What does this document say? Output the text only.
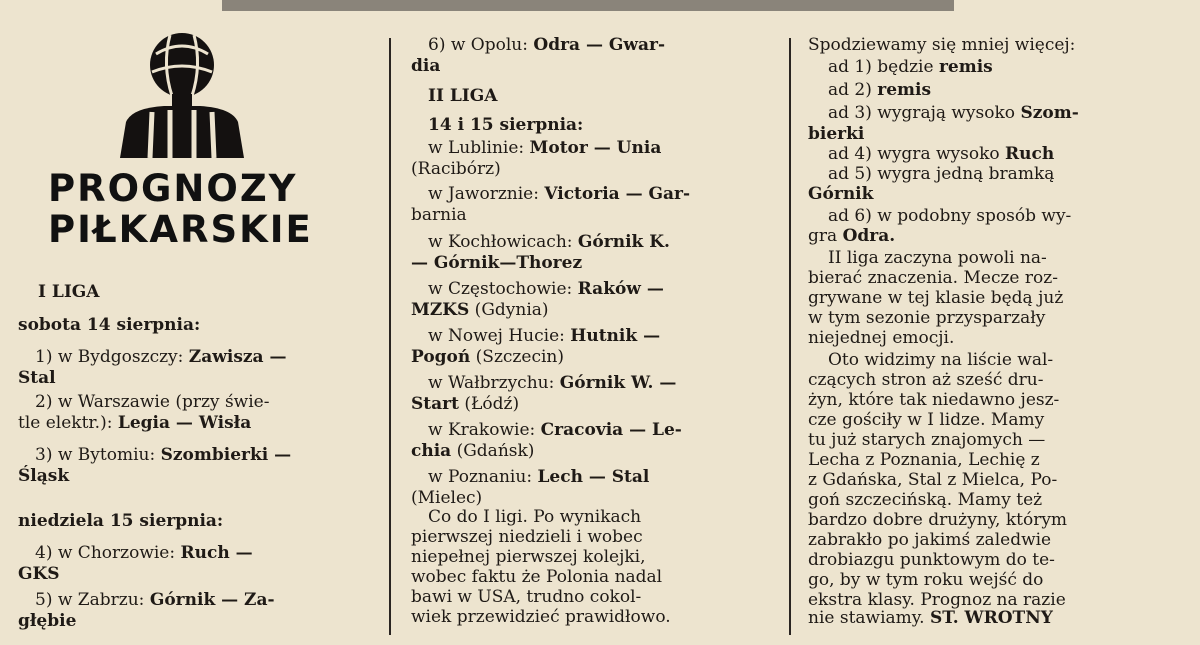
PROGNOZY
PIŁKARSKIE

I LIGA

sobota 14 sierpnia:

1) w Bydgoszczy: Zawisza —

Stal

2) w Warszawie (przy świe-

tle elektr.): Legia — Wisła

3) w Bytomiu: Szombierki —

Śląsk

niedziela 15 sierpnia:

4) w Chorzowie: Ruch —

GKS

5) w Zabrzu: Górnik — Za-

głębie

6) w Opolu: Odra — Gwar-

dia

II LIGA

14 i 15 sierpnia:

w Lublinie: Motor — Unia

(Racibórz)

w Jaworznie: Victoria — Gar-

barnia

w Kochłowicach: Górnik K.

— Górnik—Thorez

w Częstochowie: Raków —

MZKS (Gdynia)

w Nowej Hucie: Hutnik —

Pogoń (Szczecin)

w Wałbrzychu: Górnik W. —

Start (Łódź)

w Krakowie: Cracovia — Le-

chia (Gdańsk)

w Poznaniu: Lech — Stal

(Mielec)

Co do I ligi. Po wynikach

pierwszej niedzieli i wobec

niepełnej pierwszej kolejki,

wobec faktu że Polonia nadal

bawi w USA, trudno cokol-

wiek przewidzieć prawidłowo.

Spodziewamy się mniej więcej:

ad 1) będzie remis

ad 2) remis

ad 3) wygrają wysoko Szom-

bierki

ad 4) wygra wysoko Ruch

ad 5) wygra jedną bramką

Górnik

ad 6) w podobny sposób wy-

gra Odra.

II liga zaczyna powoli na-

bierać znaczenia. Mecze roz-

grywane w tej klasie będą już

w tym sezonie przysparzały

niejednej emocji.

Oto widzimy na liście wal-

czących stron aż sześć dru-

żyn, które tak niedawno jesz-

cze gościły w I lidze. Mamy

tu już starych znajomych —

Lecha z Poznania, Lechię z

z Gdańska, Stal z Mielca, Po-

goń szczecińską. Mamy też

bardzo dobre drużyny, którym

zabrakło po jakimś zaledwie

drobiazgu punktowym do te-

go, by w tym roku wejść do

ekstra klasy. Prognoz na razie

nie stawiamy. ST. WROTNY
